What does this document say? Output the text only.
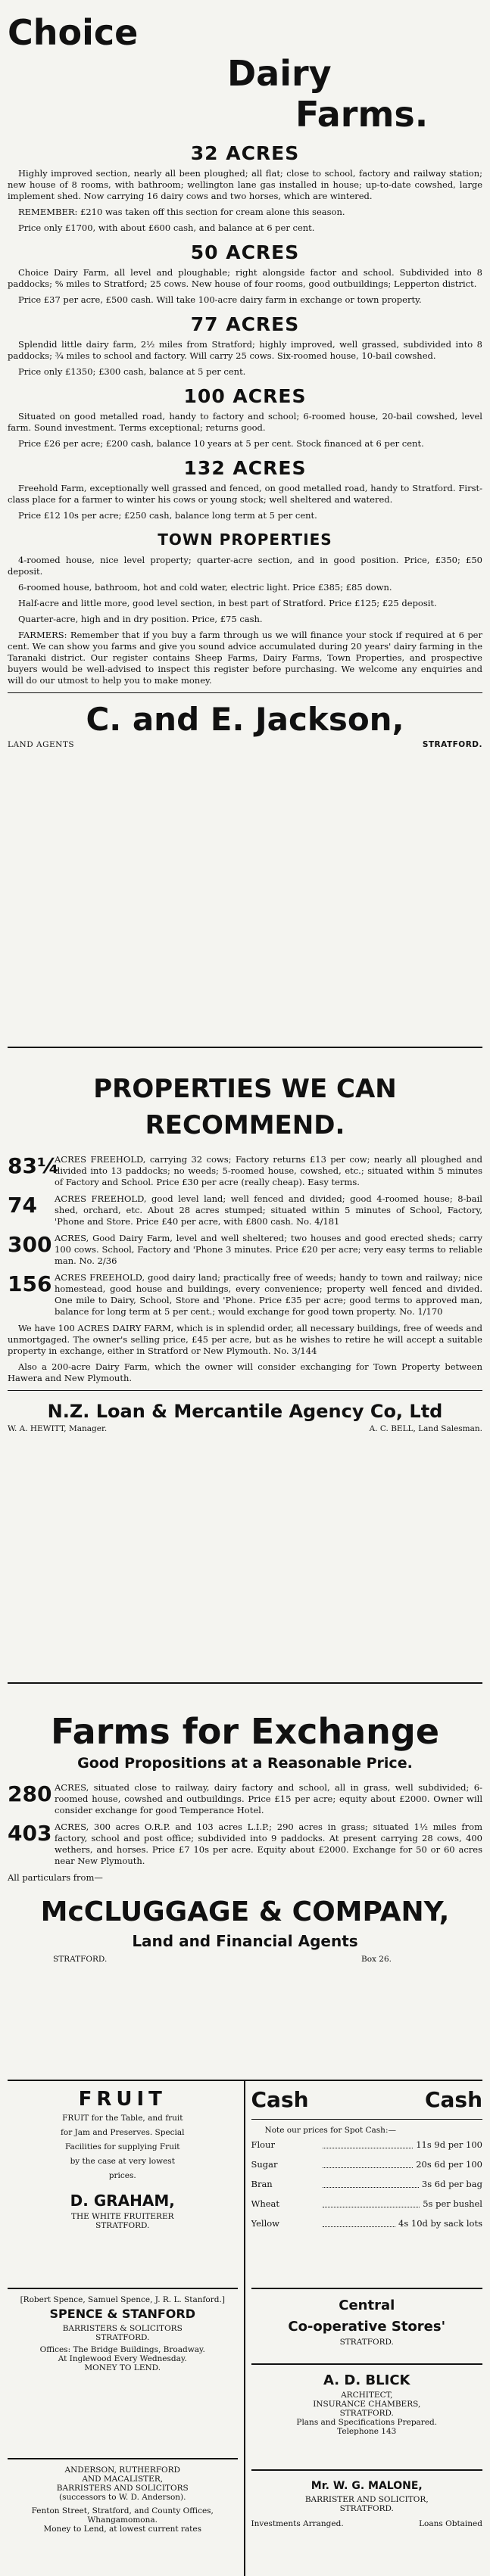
Choice
Dairy
Farms.
32 ACRES

Highly improved section, nearly all been ploughed; all flat; close to school, factory and railway station; new house of 8 rooms, with bathroom; wellington lane gas installed in house; up-to-date cowshed, large implement shed. Now carrying 16 dairy cows and two horses, which are wintered.

REMEMBER: £210 was taken off this section for cream alone this season.

Price only £1700, with about £600 cash, and balance at 6 per cent.

50 ACRES

Choice Dairy Farm, all level and ploughable; right alongside factor and school. Subdivided into 8 paddocks; % miles to Stratford; 25 cows. New house of four rooms, good outbuildings; Lepperton district.

Price £37 per acre, £500 cash. Will take 100-acre dairy farm in exchange or town property.

77 ACRES

Splendid little dairy farm, 2½ miles from Stratford; highly improved, well grassed, subdivided into 8 paddocks; ¾ miles to school and factory. Will carry 25 cows. Six-roomed house, 10-bail cowshed.

Price only £1350; £300 cash, balance at 5 per cent.

100 ACRES

Situated on good metalled road, handy to factory and school; 6-roomed house, 20-bail cowshed, level farm. Sound investment. Terms exceptional; returns good.

Price £26 per acre; £200 cash, balance 10 years at 5 per cent. Stock financed at 6 per cent.

132 ACRES

Freehold Farm, exceptionally well grassed and fenced, on good metalled road, handy to Stratford. First-class place for a farmer to winter his cows or young stock; well sheltered and watered.

Price £12 10s per acre; £250 cash, balance long term at 5 per cent.

TOWN PROPERTIES

4-roomed house, nice level property; quarter-acre section, and in good position. Price, £350; £50 deposit.

6-roomed house, bathroom, hot and cold water, electric light. Price £385; £85 down.

Half-acre and little more, good level section, in best part of Stratford. Price £125; £25 deposit.

Quarter-acre, high and in dry position. Price, £75 cash.

FARMERS: Remember that if you buy a farm through us we will finance your stock if required at 6 per cent. We can show you farms and give you sound advice accumulated during 20 years' dairy farming in the Taranaki district. Our register contains Sheep Farms, Dairy Farms, Town Properties, and prospective buyers would be well-advised to inspect this register before purchasing. We welcome any enquiries and will do our utmost to help you to make money.

C. and E. Jackson,
LAND AGENTS	STRATFORD.
PROPERTIES WE CAN RECOMMEND.
83¼
ACRES FREEHOLD, carrying 32 cows; Factory returns £13 per cow; nearly all ploughed and divided into 13 paddocks; no weeds; 5-roomed house, cowshed, etc.; situated within 5 minutes of Factory and School. Price £30 per acre (really cheap). Easy terms.
74	ACRES FREEHOLD, good level land; well fenced and divided; good 4-roomed house; 8-bail shed, orchard, etc. About 28 acres stumped; situated within 5 minutes of School, Factory, 'Phone and Store. Price £40 per acre, with £800 cash. No. 4/181
300 ACRES, Good Dairy Farm, level and well sheltered; two houses and good erected sheds; carry 100 cows. School, Factory and 'Phone 3 minutes. Price £20 per acre; very easy terms to reliable man. No. 2/36
156 ACRES FREEHOLD, good dairy land; practically free of weeds; handy to town and railway; nice homestead, good house and buildings, every convenience; property well fenced and divided. One mile to Dairy, School, Store and 'Phone. Price £35 per acre; good terms to approved man, balance for long term at 5 per cent.; would exchange for good town property. No. 1/170

We have 100 ACRES DAIRY FARM, which is in splendid order, all necessary buildings, free of weeds and unmortgaged. The owner's selling price, £45 per acre, but as he wishes to retire he will accept a suitable property in exchange, either in Stratford or New Plymouth. No. 3/144

Also a 200-acre Dairy Farm, which the owner will consider exchanging for Town Property between Hawera and New Plymouth.

N.Z. Loan & Mercantile Agency Co, Ltd
W. A. HEWITT, Manager.	A. C. BELL, Land Salesman.
Farms for Exchange
Good Propositions at a Reasonable Price.
280 ACRES, situated close to railway, dairy factory and school, all in grass, well subdivided; 6-roomed house, cowshed and outbuildings. Price £15 per acre; equity about £2000. Owner will consider exchange for good Temperance Hotel.
403 ACRES, 300 acres O.R.P. and 103 acres L.I.P.; 290 acres in grass; situated 1½ miles from factory, school and post office; subdivided into 9 paddocks. At present carrying 28 cows, 400 wethers, and horses. Price £7 10s per acre. Equity about £2000. Exchange for 50 or 60 acres near New Plymouth.
All particulars from—
McCLUGGAGE & COMPANY,
Land and Financial Agents
STRATFORD.	Box 26.
FRUIT
FRUIT for the Table, and fruit
for Jam and Preserves. Special
Facilities for supplying Fruit
by the case at very lowest
prices.
D. GRAHAM,
THE WHITE FRUITERER
STRATFORD.
[Robert Spence, Samuel Spence, J. R. L. Stanford.]
SPENCE & STANFORD
BARRISTERS & SOLICITORS
STRATFORD.
Offices: The Bridge Buildings, Broadway.
At Inglewood Every Wednesday.
MONEY TO LEND.
ANDERSON, RUTHERFORD
AND MACALISTER,
BARRISTERS AND SOLICITORS
(successors to W. D. Anderson).
Fenton Street, Stratford, and County Offices, Whangamomona.
Money to Lend, at lowest current rates
Cash	Cash
Note our prices for Spot Cash:—
Flour	11s 9d per 100
Sugar	20s 6d per 100
Bran	3s 6d per bag
Wheat	5s per bushel
Yellow	4s 10d by sack lots
Central
Co-operative Stores'
STRATFORD.
A. D. BLICK
ARCHITECT,
INSURANCE CHAMBERS,
STRATFORD.
Plans and Specifications Prepared.
Telephone 143
Mr. W. G. MALONE,
BARRISTER AND SOLICITOR,
STRATFORD.
Investments Arranged.	Loans Obtained
